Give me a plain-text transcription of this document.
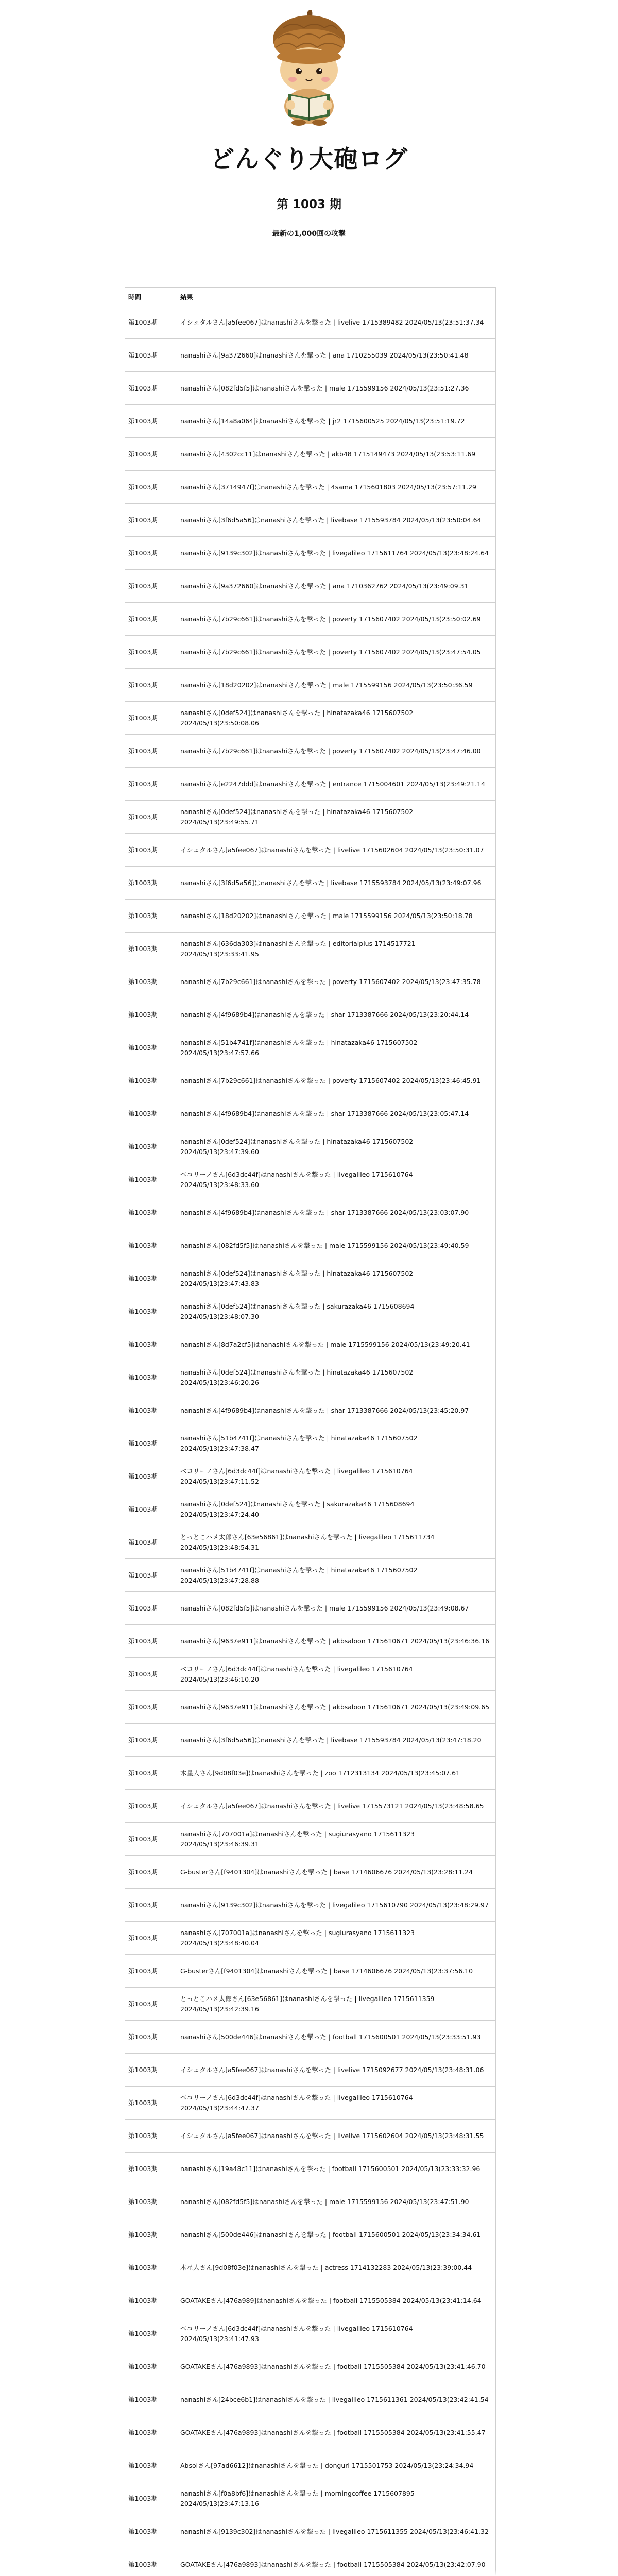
どんぐり大砲ログ
第 1003 期
最新の1,000回の攻撃
時間	結果
第1003期	イシュタルさん[a5fee067]はnanashiさんを撃った | livelive 1715389482 2024/05/13(23:51:37.34
第1003期	nanashiさん[9a372660]はnanashiさんを撃った | ana 1710255039 2024/05/13(23:50:41.48
第1003期	nanashiさん[082fd5f5]はnanashiさんを撃った | male 1715599156 2024/05/13(23:51:27.36
第1003期	nanashiさん[14a8a064]はnanashiさんを撃った | jr2 1715600525 2024/05/13(23:51:19.72
第1003期	nanashiさん[4302cc11]はnanashiさんを撃った | akb48 1715149473 2024/05/13(23:53:11.69
第1003期	nanashiさん[3714947f]はnanashiさんを撃った | 4sama 1715601803 2024/05/13(23:57:11.29
第1003期	nanashiさん[3f6d5a56]はnanashiさんを撃った | livebase 1715593784 2024/05/13(23:50:04.64
第1003期	nanashiさん[9139c302]はnanashiさんを撃った | livegalileo 1715611764 2024/05/13(23:48:24.64
第1003期	nanashiさん[9a372660]はnanashiさんを撃った | ana 1710362762 2024/05/13(23:49:09.31
第1003期	nanashiさん[7b29c661]はnanashiさんを撃った | poverty 1715607402 2024/05/13(23:50:02.69
第1003期	nanashiさん[7b29c661]はnanashiさんを撃った | poverty 1715607402 2024/05/13(23:47:54.05
第1003期	nanashiさん[18d20202]はnanashiさんを撃った | male 1715599156 2024/05/13(23:50:36.59
第1003期	nanashiさん[0def524]はnanashiさんを撃った | hinatazaka46 1715607502 2024/05/13(23:50:08.06
第1003期	nanashiさん[7b29c661]はnanashiさんを撃った | poverty 1715607402 2024/05/13(23:47:46.00
第1003期	nanashiさん[e2247ddd]はnanashiさんを撃った | entrance 1715004601 2024/05/13(23:49:21.14
第1003期	nanashiさん[0def524]はnanashiさんを撃った | hinatazaka46 1715607502 2024/05/13(23:49:55.71
第1003期	イシュタルさん[a5fee067]はnanashiさんを撃った | livelive 1715602604 2024/05/13(23:50:31.07
第1003期	nanashiさん[3f6d5a56]はnanashiさんを撃った | livebase 1715593784 2024/05/13(23:49:07.96
第1003期	nanashiさん[18d20202]はnanashiさんを撃った | male 1715599156 2024/05/13(23:50:18.78
第1003期	nanashiさん[636da303]はnanashiさんを撃った | editorialplus 1714517721 2024/05/13(23:33:41.95
第1003期	nanashiさん[7b29c661]はnanashiさんを撃った | poverty 1715607402 2024/05/13(23:47:35.78
第1003期	nanashiさん[4f9689b4]はnanashiさんを撃った | shar 1713387666 2024/05/13(23:20:44.14
第1003期	nanashiさん[51b4741f]はnanashiさんを撃った | hinatazaka46 1715607502 2024/05/13(23:47:57.66
第1003期	nanashiさん[7b29c661]はnanashiさんを撃った | poverty 1715607402 2024/05/13(23:46:45.91
第1003期	nanashiさん[4f9689b4]はnanashiさんを撃った | shar 1713387666 2024/05/13(23:05:47.14
第1003期	nanashiさん[0def524]はnanashiさんを撃った | hinatazaka46 1715607502 2024/05/13(23:47:39.60
第1003期	ベコリーノさん[6d3dc44f]はnanashiさんを撃った | livegalileo 1715610764 2024/05/13(23:48:33.60
第1003期	nanashiさん[4f9689b4]はnanashiさんを撃った | shar 1713387666 2024/05/13(23:03:07.90
第1003期	nanashiさん[082fd5f5]はnanashiさんを撃った | male 1715599156 2024/05/13(23:49:40.59
第1003期	nanashiさん[0def524]はnanashiさんを撃った | hinatazaka46 1715607502 2024/05/13(23:47:43.83
第1003期	nanashiさん[0def524]はnanashiさんを撃った | sakurazaka46 1715608694 2024/05/13(23:48:07.30
第1003期	nanashiさん[8d7a2cf5]はnanashiさんを撃った | male 1715599156 2024/05/13(23:49:20.41
第1003期	nanashiさん[0def524]はnanashiさんを撃った | hinatazaka46 1715607502 2024/05/13(23:46:20.26
第1003期	nanashiさん[4f9689b4]はnanashiさんを撃った | shar 1713387666 2024/05/13(23:45:20.97
第1003期	nanashiさん[51b4741f]はnanashiさんを撃った | hinatazaka46 1715607502 2024/05/13(23:47:38.47
第1003期	ベコリーノさん[6d3dc44f]はnanashiさんを撃った | livegalileo 1715610764 2024/05/13(23:47:11.52
第1003期	nanashiさん[0def524]はnanashiさんを撃った | sakurazaka46 1715608694 2024/05/13(23:47:24.40
第1003期	とっとこハメ太郎さん[63e56861]はnanashiさんを撃った | livegalileo 1715611734 2024/05/13(23:48:54.31
第1003期	nanashiさん[51b4741f]はnanashiさんを撃った | hinatazaka46 1715607502 2024/05/13(23:47:28.88
第1003期	nanashiさん[082fd5f5]はnanashiさんを撃った | male 1715599156 2024/05/13(23:49:08.67
第1003期	nanashiさん[9637e911]はnanashiさんを撃った | akbsaloon 1715610671 2024/05/13(23:46:36.16
第1003期	ベコリーノさん[6d3dc44f]はnanashiさんを撃った | livegalileo 1715610764 2024/05/13(23:46:10.20
第1003期	nanashiさん[9637e911]はnanashiさんを撃った | akbsaloon 1715610671 2024/05/13(23:49:09.65
第1003期	nanashiさん[3f6d5a56]はnanashiさんを撃った | livebase 1715593784 2024/05/13(23:47:18.20
第1003期	木星人さん[9d08f03e]はnanashiさんを撃った | zoo 1712313134 2024/05/13(23:45:07.61
第1003期	イシュタルさん[a5fee067]はnanashiさんを撃った | livelive 1715573121 2024/05/13(23:48:58.65
第1003期	nanashiさん[707001a]はnanashiさんを撃った | sugiurasyano 1715611323 2024/05/13(23:46:39.31
第1003期	G-busterさん[f9401304]はnanashiさんを撃った | base 1714606676 2024/05/13(23:28:11.24
第1003期	nanashiさん[9139c302]はnanashiさんを撃った | livegalileo 1715610790 2024/05/13(23:48:29.97
第1003期	nanashiさん[707001a]はnanashiさんを撃った | sugiurasyano 1715611323 2024/05/13(23:48:40.04
第1003期	G-busterさん[f9401304]はnanashiさんを撃った | base 1714606676 2024/05/13(23:37:56.10
第1003期	とっとこハメ太郎さん[63e56861]はnanashiさんを撃った | livegalileo 1715611359 2024/05/13(23:42:39.16
第1003期	nanashiさん[500de446]はnanashiさんを撃った | football 1715600501 2024/05/13(23:33:51.93
第1003期	イシュタルさん[a5fee067]はnanashiさんを撃った | livelive 1715092677 2024/05/13(23:48:31.06
第1003期	ベコリーノさん[6d3dc44f]はnanashiさんを撃った | livegalileo 1715610764 2024/05/13(23:44:47.37
第1003期	イシュタルさん[a5fee067]はnanashiさんを撃った | livelive 1715602604 2024/05/13(23:48:31.55
第1003期	nanashiさん[19a48c11]はnanashiさんを撃った | football 1715600501 2024/05/13(23:33:32.96
第1003期	nanashiさん[082fd5f5]はnanashiさんを撃った | male 1715599156 2024/05/13(23:47:51.90
第1003期	nanashiさん[500de446]はnanashiさんを撃った | football 1715600501 2024/05/13(23:34:34.61
第1003期	木星人さん[9d08f03e]はnanashiさんを撃った | actress 1714132283 2024/05/13(23:39:00.44
第1003期	GOATAKEさん[476a989]はnanashiさんを撃った | football 1715505384 2024/05/13(23:41:14.64
第1003期	ベコリーノさん[6d3dc44f]はnanashiさんを撃った | livegalileo 1715610764 2024/05/13(23:41:47.93
第1003期	GOATAKEさん[476a9893]はnanashiさんを撃った | football 1715505384 2024/05/13(23:41:46.70
第1003期	nanashiさん[24bce6b1]はnanashiさんを撃った | livegalileo 1715611361 2024/05/13(23:42:41.54
第1003期	GOATAKEさん[476a9893]はnanashiさんを撃った | football 1715505384 2024/05/13(23:41:55.47
第1003期	Absolさん[97ad6612]はnanashiさんを撃った | dongurl 1715501753 2024/05/13(23:24:34.94
第1003期	nanashiさん[f0a8bf6]はnanashiさんを撃った | morningcoffee 1715607895 2024/05/13(23:47:13.16
第1003期	nanashiさん[9139c302]はnanashiさんを撃った | livegalileo 1715611355 2024/05/13(23:46:41.32
第1003期	GOATAKEさん[476a9893]はnanashiさんを撃った | football 1715505384 2024/05/13(23:42:07.90
